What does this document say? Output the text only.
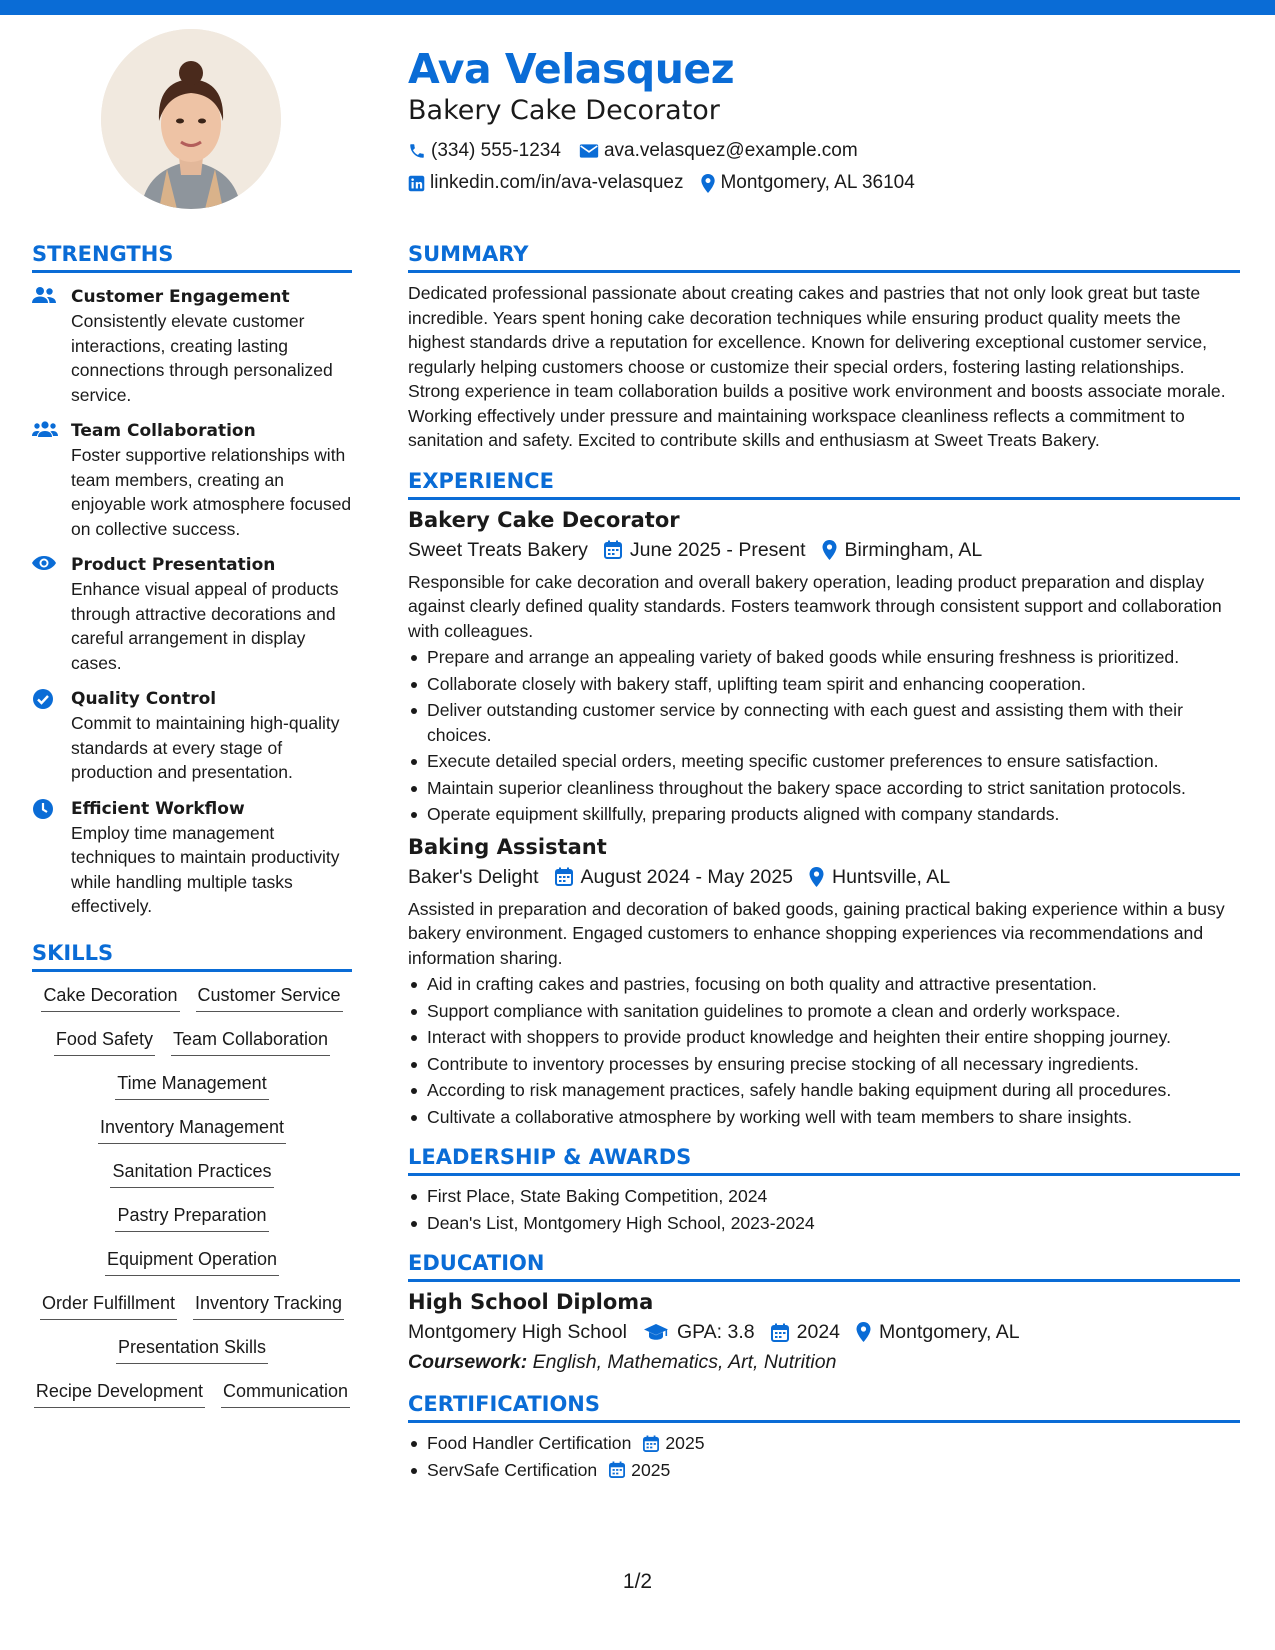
Ava Velasquez
Bakery Cake Decorator
(334) 555-1234 ava.velasquez@example.com
linkedin.com/in/ava-velasquez Montgomery, AL 36104
STRENGTHS
Customer Engagement
Consistently elevate customer interactions, creating lasting connections through personalized service.
Team Collaboration
Foster supportive relationships with team members, creating an enjoyable work atmosphere focused on collective success.
Product Presentation
Enhance visual appeal of products through attractive decorations and careful arrangement in display cases.
Quality Control
Commit to maintaining high-quality standards at every stage of production and presentation.
Efficient Workflow
Employ time management techniques to maintain productivity while handling multiple tasks effectively.
SKILLS
Cake Decoration Customer Service
Food Safety Team Collaboration
Time Management
Inventory Management
Sanitation Practices
Pastry Preparation
Equipment Operation
Order Fulfillment Inventory Tracking
Presentation Skills
Recipe Development Communication
SUMMARY
Dedicated professional passionate about creating cakes and pastries that not only look great but taste incredible. Years spent honing cake decoration techniques while ensuring product quality meets the highest standards drive a reputation for excellence. Known for delivering exceptional customer service, regularly helping customers choose or customize their special orders, fostering lasting relationships. Strong experience in team collaboration builds a positive work environment and boosts associate morale. Working effectively under pressure and maintaining workspace cleanliness reflects a commitment to sanitation and safety. Excited to contribute skills and enthusiasm at Sweet Treats Bakery.
EXPERIENCE
Bakery Cake Decorator
Sweet Treats Bakery June 2025 - Present Birmingham, AL
Responsible for cake decoration and overall bakery operation, leading product preparation and display against clearly defined quality standards. Fosters teamwork through consistent support and collaboration with colleagues.
Prepare and arrange an appealing variety of baked goods while ensuring freshness is prioritized.
Collaborate closely with bakery staff, uplifting team spirit and enhancing cooperation.
Deliver outstanding customer service by connecting with each guest and assisting them with their choices.
Execute detailed special orders, meeting specific customer preferences to ensure satisfaction.
Maintain superior cleanliness throughout the bakery space according to strict sanitation protocols.
Operate equipment skillfully, preparing products aligned with company standards.
Baking Assistant
Baker's Delight August 2024 - May 2025 Huntsville, AL
Assisted in preparation and decoration of baked goods, gaining practical baking experience within a busy bakery environment. Engaged customers to enhance shopping experiences via recommendations and information sharing.
Aid in crafting cakes and pastries, focusing on both quality and attractive presentation.
Support compliance with sanitation guidelines to promote a clean and orderly workspace.
Interact with shoppers to provide product knowledge and heighten their entire shopping journey.
Contribute to inventory processes by ensuring precise stocking of all necessary ingredients.
According to risk management practices, safely handle baking equipment during all procedures.
Cultivate a collaborative atmosphere by working well with team members to share insights.
LEADERSHIP & AWARDS
First Place, State Baking Competition, 2024
Dean's List, Montgomery High School, 2023-2024
EDUCATION
High School Diploma
Montgomery High School	GPA: 3.8 2024 Montgomery, AL
Coursework: English, Mathematics, Art, Nutrition
CERTIFICATIONS
Food Handler Certification 2025
ServSafe Certification 2025
1/2
